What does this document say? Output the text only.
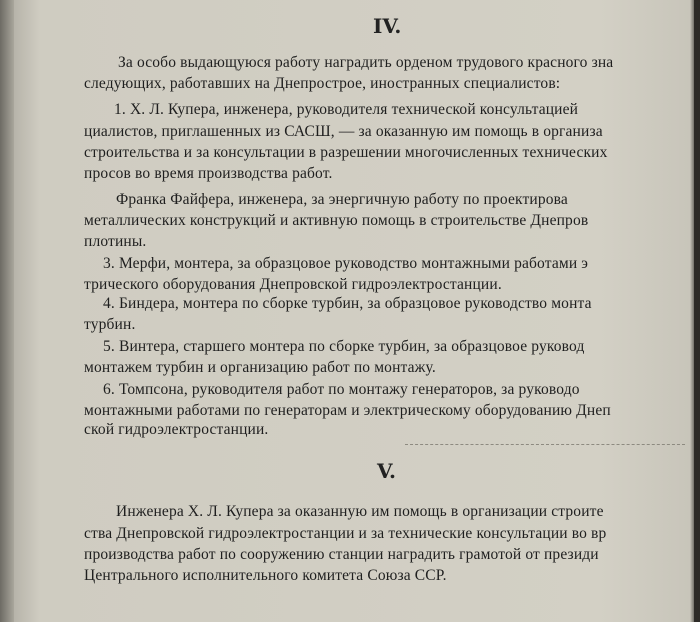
IV.
За особо выдающуюся работу наградить орденом трудового красного зна
следующих, работавших на Днепрострое, иностранных специалистов:
1. Х. Л. Купера, инженера, руководителя технической консультацией
циалистов, приглашенных из САСШ, — за оказанную им помощь в организа
строительства и за консультации в разрешении многочисленных технических
просов во время производства работ.
Франка Файфера, инженера, за энергичную работу по проектирова
металлических конструкций и активную помощь в строительстве Днепров
плотины.
3. Мерфи, монтера, за образцовое руководство монтажными работами э
трического оборудования Днепровской гидроэлектростанции.
4. Биндера, монтера по сборке турбин, за образцовое руководство монта
турбин.
5. Винтера, старшего монтера по сборке турбин, за образцовое руковод
монтажем турбин и организацию работ по монтажу.
6. Томпсона, руководителя работ по монтажу генераторов, за руководо
монтажными работами по генераторам и электрическому оборудованию Днеп
ской гидроэлектростанции.
V.
Инженера Х. Л. Купера за оказанную им помощь в организации строите
ства Днепровской гидроэлектростанции и за технические консультации во вр
производства работ по сооружению станции наградить грамотой от президи
Центрального исполнительного комитета Союза ССР.
